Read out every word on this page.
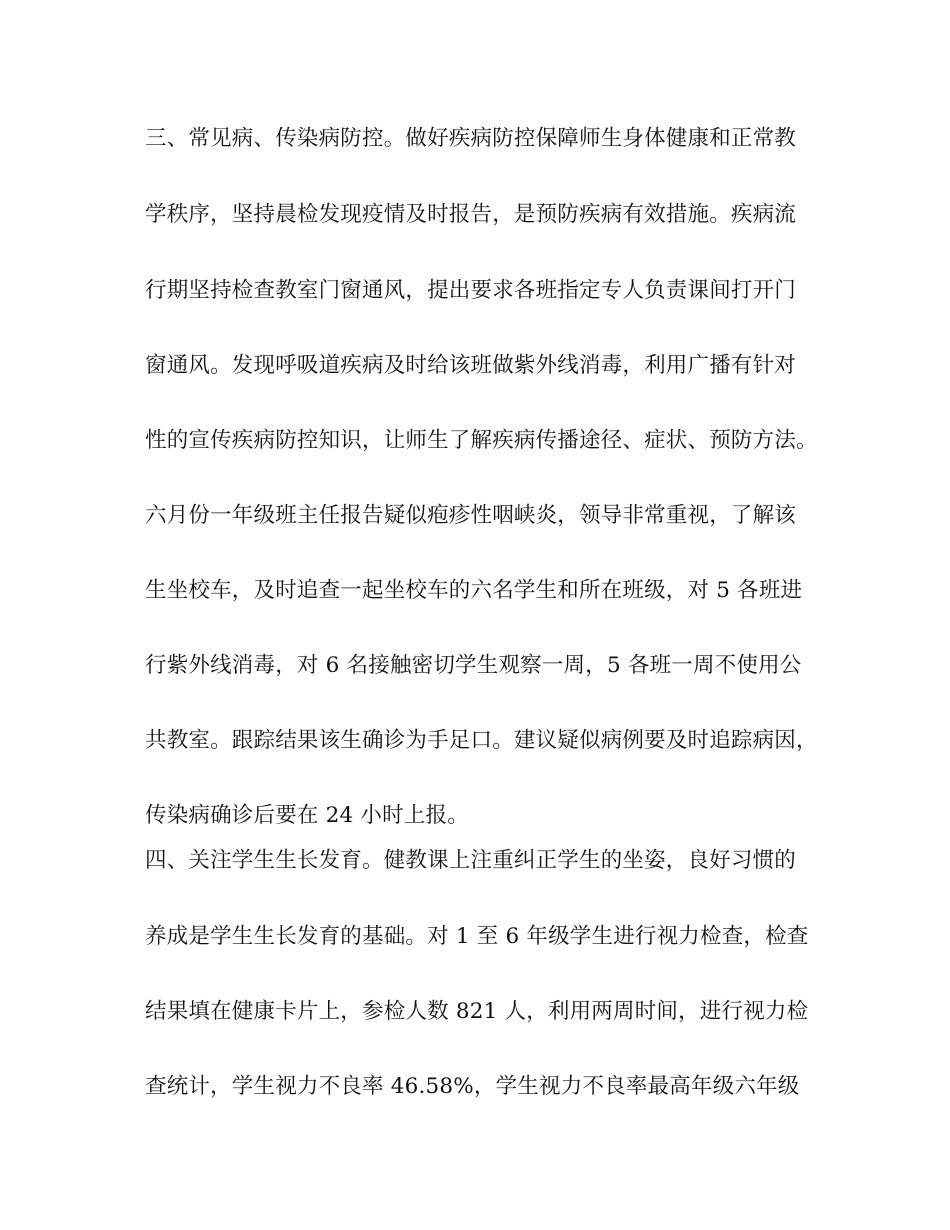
三、常见病、传染病防控。做好疾病防控保障师生身体健康和正常教
学秩序，坚持晨检发现疫情及时报告，是预防疾病有效措施。疾病流
行期坚持检查教室门窗通风，提出要求各班指定专人负责课间打开门
窗通风。发现呼吸道疾病及时给该班做紫外线消毒，利用广播有针对
性的宣传疾病防控知识，让师生了解疾病传播途径、症状、预防方法。
六月份一年级班主任报告疑似疱疹性咽峡炎，领导非常重视，了解该
生坐校车，及时追查一起坐校车的六名学生和所在班级，对 5 各班进
行紫外线消毒，对 6 名接触密切学生观察一周，5 各班一周不使用公
共教室。跟踪结果该生确诊为手足口。建议疑似病例要及时追踪病因，
传染病确诊后要在 24 小时上报。
四、关注学生生长发育。健教课上注重纠正学生的坐姿，良好习惯的
养成是学生生长发育的基础。对 1 至 6 年级学生进行视力检查，检查
结果填在健康卡片上，参检人数 821 人，利用两周时间，进行视力检
查统计，学生视力不良率 46.58%，学生视力不良率最高年级六年级
